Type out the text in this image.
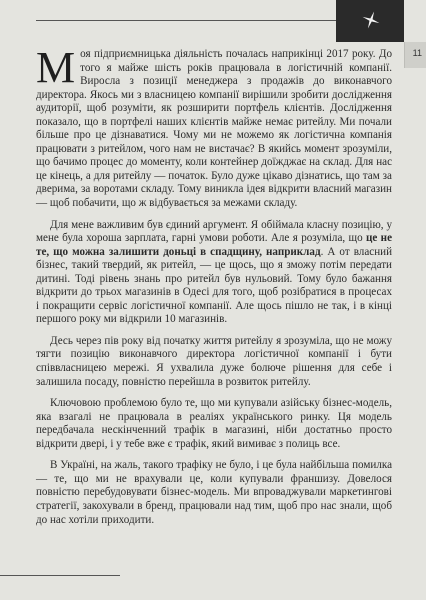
11

Моя підприємницька діяльність почалась наприкінці 2017 року. До того я майже шість років працювала в логістичній компанії. Виросла з позиції менеджера з продажів до виконавчого директора. Якось ми з власницею компанії вирішили зробити дослідження аудиторії, щоб розуміти, як розширити портфель клієнтів. Дослідження показало, що в портфелі наших клієнтів майже немає ритейлу. Ми почали більше про це дізнаватися. Чому ми не можемо як логістична компанія працювати з ритейлом, чого нам не вистачає? В якийсь момент зрозуміли, що бачимо процес до моменту, коли контейнер доїжджає на склад. Для нас це кінець, а для ритейлу — початок. Було дуже цікаво дізнатись, що там за дверима, за воротами складу. Тому виникла ідея відкрити власний магазин — щоб побачити, що ж відбувається за межами складу.

Для мене важливим був єдиний аргумент. Я обіймала класну позицію, у мене була хороша зарплата, гарні умови роботи. Але я розуміла, що це не те, що можна залишити доньці в спадщину, наприклад. А от власний бізнес, такий твердий, як ритейл, — це щось, що я зможу потім передати дитині. Тоді рівень знань про ритейл був нульовий. Тому було бажання відкрити до трьох магазинів в Одесі для того, щоб розібратися в процесах і покращити сервіс логістичної компанії. Але щось пішло не так, і в кінці першого року ми відкрили 10 магазинів.

Десь через пів року від початку життя ритейлу я зрозуміла, що не можу тягти позицію виконавчого директора логістичної компанії і бути співвласницею мережі. Я ухвалила дуже болюче рішення для себе і залишила посаду, повністю перейшла в розвиток ритейлу.

Ключовою проблемою було те, що ми купували азійську бізнес-модель, яка взагалі не працювала в реаліях українського ринку. Ця модель передбачала нескінченний трафік в магазині, ніби достатньо просто відкрити двері, і у тебе вже є трафік, який вимиває з полиць все.

В Україні, на жаль, такого трафіку не було, і це була найбільша помилка — те, що ми не врахували це, коли купували франшизу. Довелося повністю перебудовувати бізнес-модель. Ми впроваджували маркетингові стратегії, закохували в бренд, працювали над тим, щоб про нас знали, щоб до нас хотіли приходити.
